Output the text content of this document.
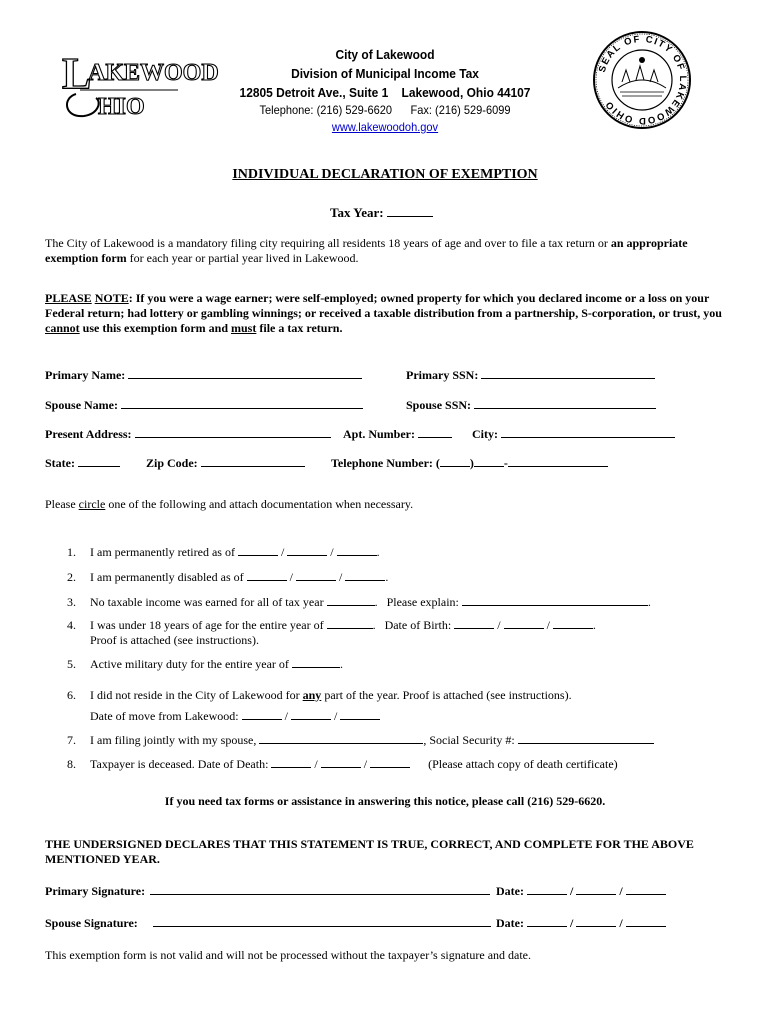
L
AKEWOOD
HIO
City of Lakewood
Division of Municipal Income Tax
12805 Detroit Ave., Suite 1    Lakewood, Ohio 44107
Telephone: (216) 529-6620 Fax: (216) 529-6099
www.lakewoodoh.gov
SEAL OF CITY OF LAKEWOOD OHIO
INDIVIDUAL DECLARATION OF EXEMPTION
Tax Year:
The City of Lakewood is a mandatory filing city requiring all residents 18 years of age and over to file a tax return or an appropriate exemption form for each year or partial year lived in Lakewood.
PLEASE NOTE: If you were a wage earner; were self-employed; owned property for which you declared income or a loss on your Federal return; had lottery or gambling winnings; or received a taxable distribution from a partnership, S-corporation, or trust, you cannot use this exemption form and must file a tax return.
Primary Name:	Primary SSN:
Spouse Name:	Spouse SSN:
Present Address:	Apt. Number:	City:
State:	Zip Code:	Telephone Number: (	)	-
Please circle one of the following and attach documentation when necessary.
1. I am permanently retired as of	/	/	.
2. I am permanently disabled as of	/	/	.
3. No taxable income was earned for all of tax year	. Please explain:	.
4. I was under 18 years of age for the entire year of	. Date of Birth:	/	/	.
Proof is attached (see instructions).
5. Active military duty for the entire year of	.
6. I did not reside in the City of Lakewood for any part of the year. Proof is attached (see instructions).
Date of move from Lakewood:	/	/
7. I am filing jointly with my spouse,	, Social Security #:
8. Taxpayer is deceased. Date of Death:	/	/	(Please attach copy of death certificate)
If you need tax forms or assistance in answering this notice, please call (216) 529-6620.
THE UNDERSIGNED DECLARES THAT THIS STATEMENT IS TRUE, CORRECT, AND COMPLETE FOR THE ABOVE MENTIONED YEAR.
Primary Signature:	Date:	/	/
Spouse Signature:	Date:	/	/
This exemption form is not valid and will not be processed without the taxpayer’s signature and date.
